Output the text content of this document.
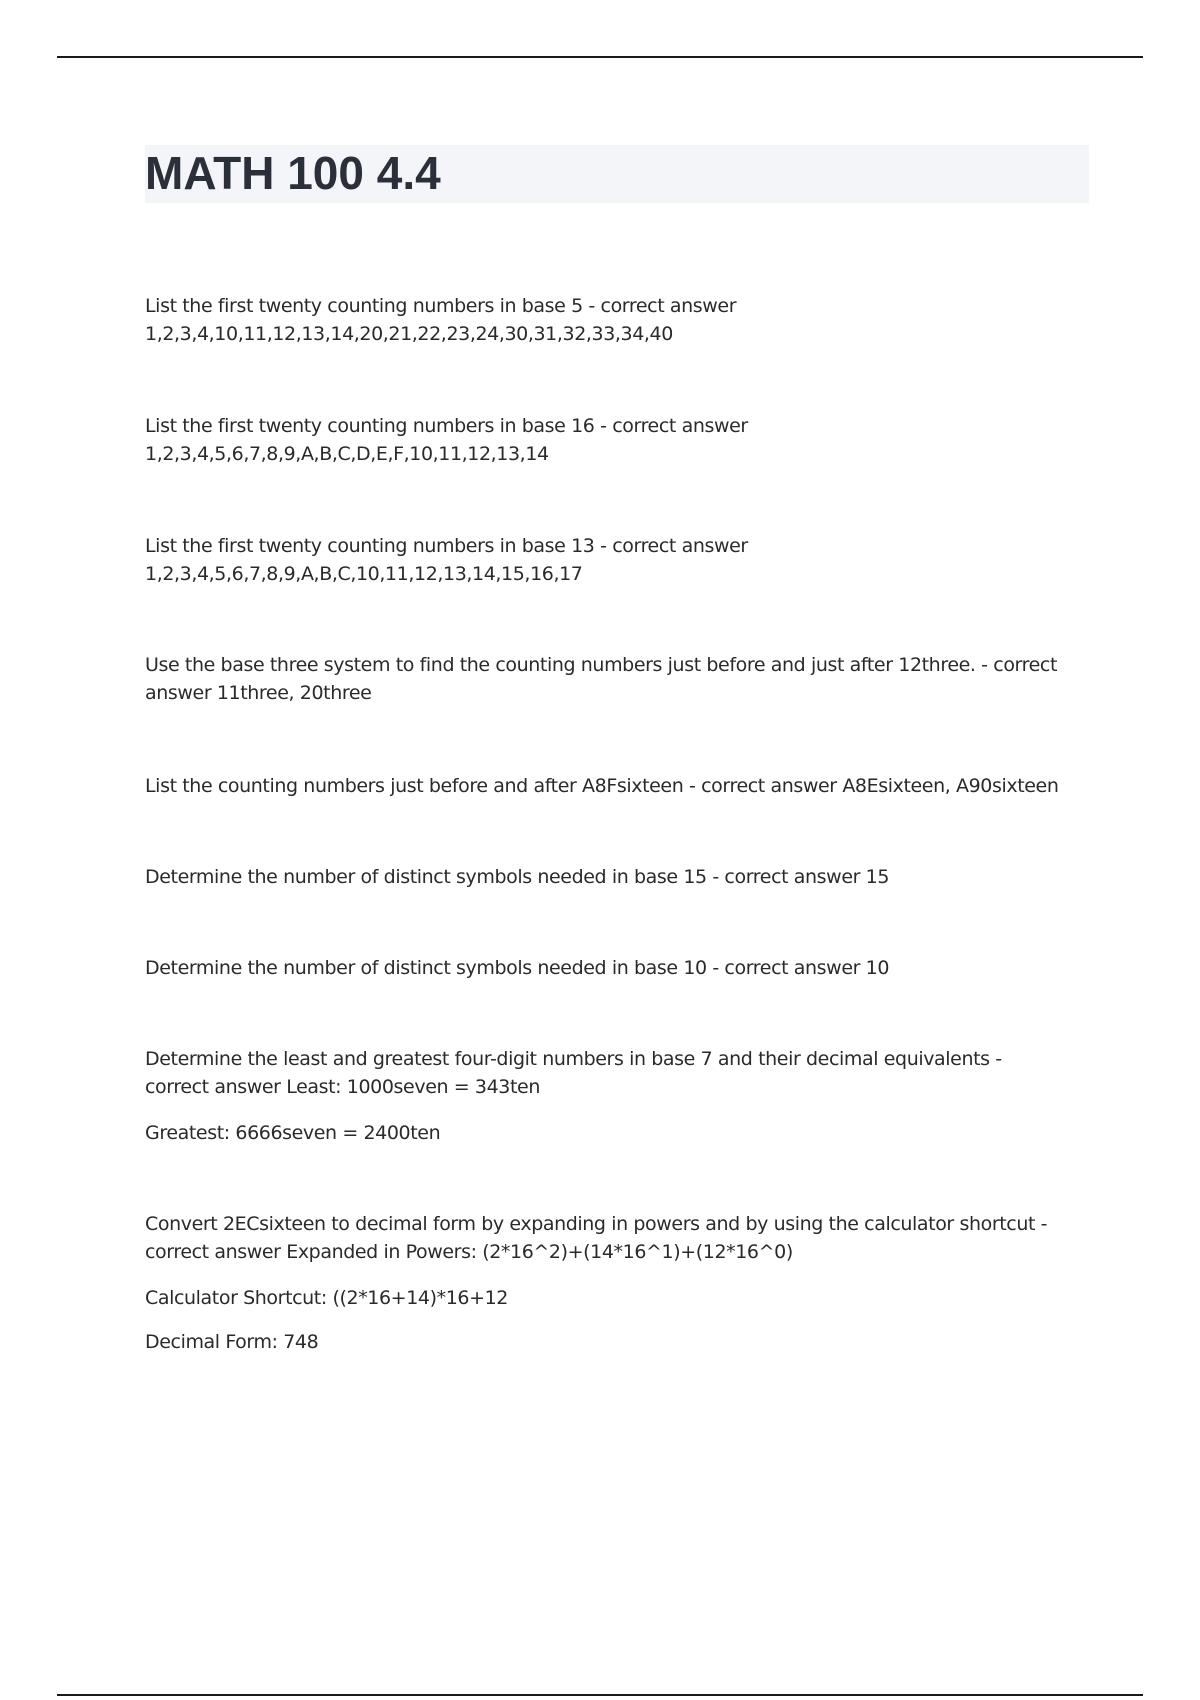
MATH 100 4.4

List the first twenty counting numbers in base 5 - correct answer

1,2,3,4,10,11,12,13,14,20,21,22,23,24,30,31,32,33,34,40

List the first twenty counting numbers in base 16 - correct answer

1,2,3,4,5,6,7,8,9,A,B,C,D,E,F,10,11,12,13,14

List the first twenty counting numbers in base 13 - correct answer

1,2,3,4,5,6,7,8,9,A,B,C,10,11,12,13,14,15,16,17

Use the base three system to find the counting numbers just before and just after 12three. - correct answer 11three, 20three

List the counting numbers just before and after A8Fsixteen - correct answer A8Esixteen, A90sixteen

Determine the number of distinct symbols needed in base 15 - correct answer 15

Determine the number of distinct symbols needed in base 10 - correct answer 10

Determine the least and greatest four-digit numbers in base 7 and their decimal equivalents - correct answer Least: 1000seven = 343ten

Greatest: 6666seven = 2400ten

Convert 2ECsixteen to decimal form by expanding in powers and by using the calculator shortcut - correct answer Expanded in Powers: (2*16^2)+(14*16^1)+(12*16^0)

Calculator Shortcut: ((2*16+14)*16+12

Decimal Form: 748
